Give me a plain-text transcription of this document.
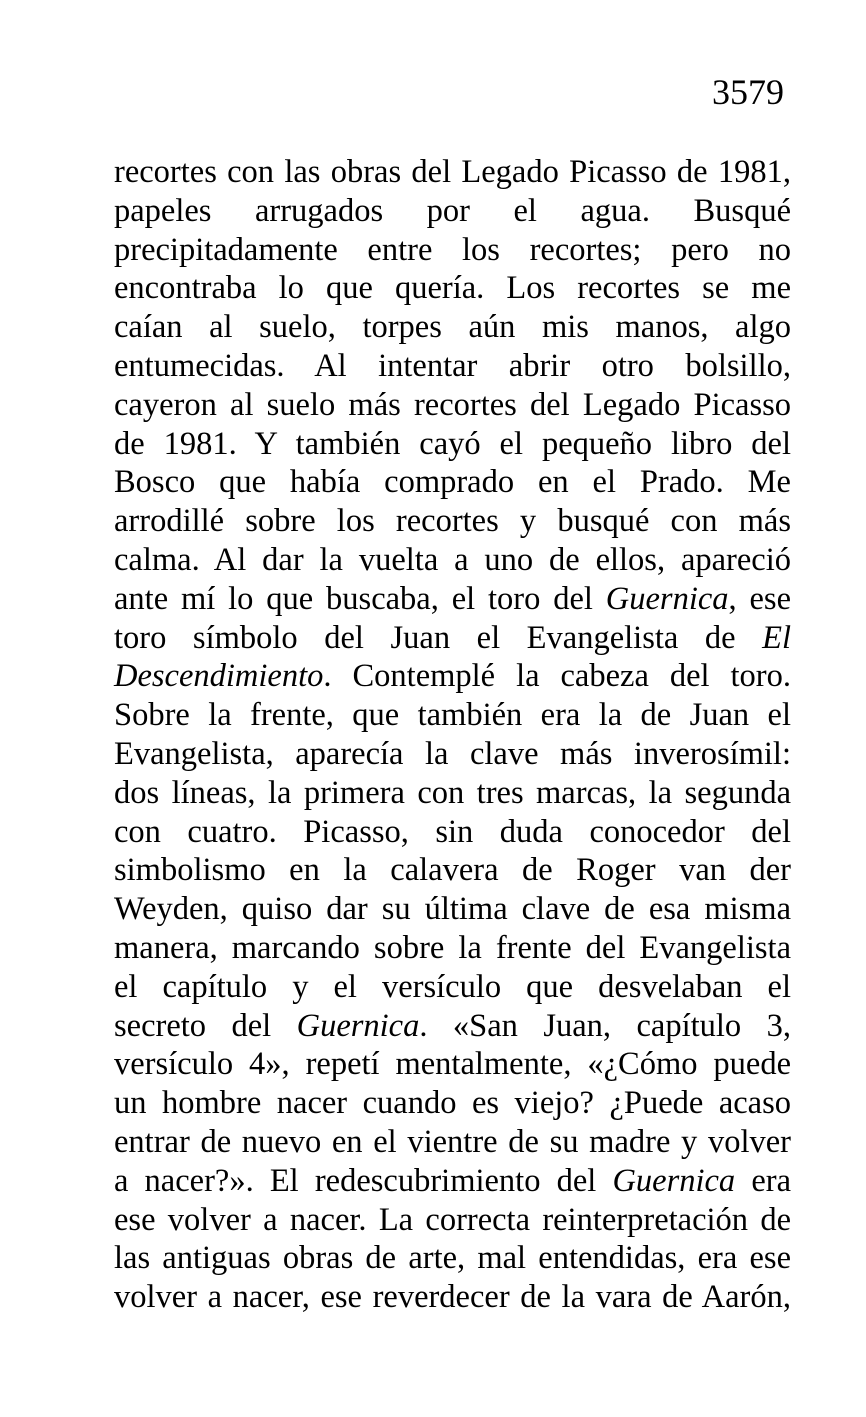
3579
recortes con las obras del Legado Picasso de 1981,
papeles arrugados por el agua. Busqué
precipitadamente entre los recortes; pero no
encontraba lo que quería. Los recortes se me
caían al suelo, torpes aún mis manos, algo
entumecidas. Al intentar abrir otro bolsillo,
cayeron al suelo más recortes del Legado Picasso
de 1981. Y también cayó el pequeño libro del
Bosco que había comprado en el Prado. Me
arrodillé sobre los recortes y busqué con más
calma. Al dar la vuelta a uno de ellos, apareció
ante mí lo que buscaba, el toro del Guernica, ese
toro símbolo del Juan el Evangelista de El
Descendimiento. Contemplé la cabeza del toro.
Sobre la frente, que también era la de Juan el
Evangelista, aparecía la clave más inverosímil:
dos líneas, la primera con tres marcas, la segunda
con cuatro. Picasso, sin duda conocedor del
simbolismo en la calavera de Roger van der
Weyden, quiso dar su última clave de esa misma
manera, marcando sobre la frente del Evangelista
el capítulo y el versículo que desvelaban el
secreto del Guernica. «San Juan, capítulo 3,
versículo 4», repetí mentalmente, «¿Cómo puede
un hombre nacer cuando es viejo? ¿Puede acaso
entrar de nuevo en el vientre de su madre y volver
a nacer?». El redescubrimiento del Guernica era
ese volver a nacer. La correcta reinterpretación de
las antiguas obras de arte, mal entendidas, era ese
volver a nacer, ese reverdecer de la vara de Aarón,
